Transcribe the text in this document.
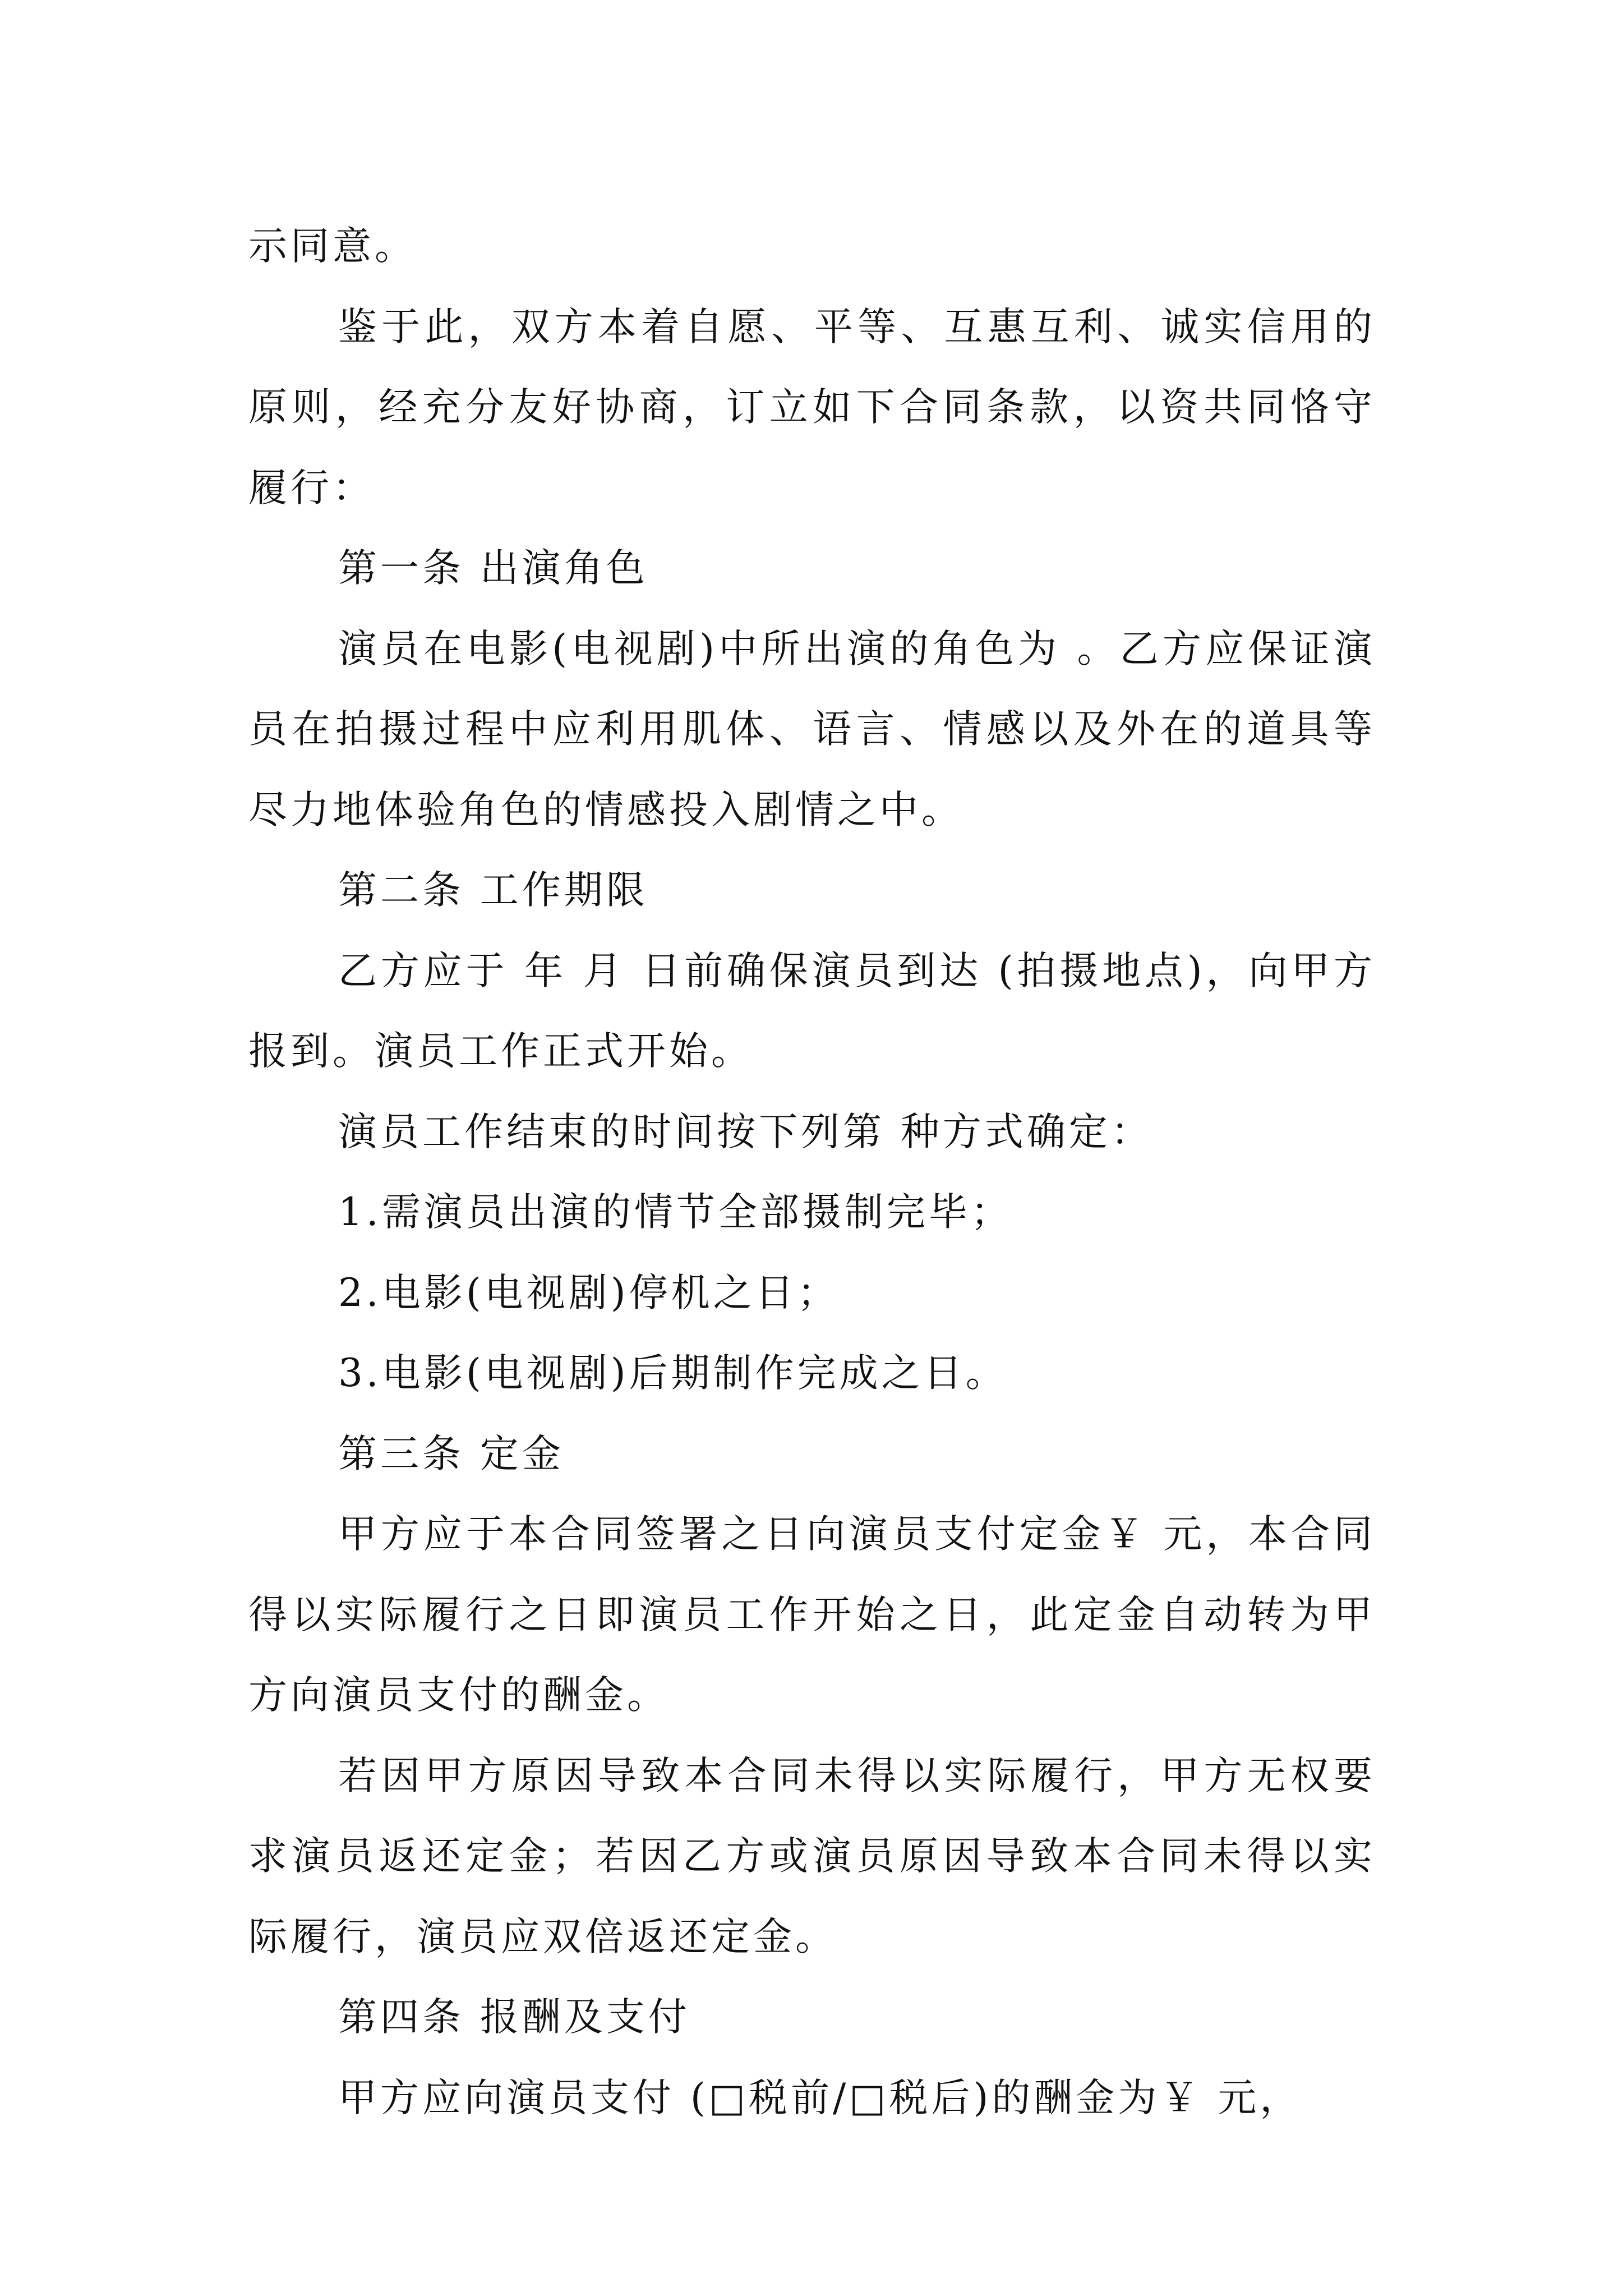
示同意。

鉴于此，双方本着自愿、平等、互惠互利、诚实信用的原则，经充分友好协商，订立如下合同条款，以资共同恪守履行：

第一条 出演角色

演员在电影(电视剧)中所出演的角色为 。乙方应保证演员在拍摄过程中应利用肌体、语言、情感以及外在的道具等尽力地体验角色的情感投入剧情之中。

第二条 工作期限

乙方应于 年 月 日前确保演员到达 (拍摄地点)，向甲方报到。演员工作正式开始。

演员工作结束的时间按下列第 种方式确定：

1.需演员出演的情节全部摄制完毕；

2.电影(电视剧)停机之日；

3.电影(电视剧)后期制作完成之日。

第三条 定金

甲方应于本合同签署之日向演员支付定金￥ 元，本合同得以实际履行之日即演员工作开始之日，此定金自动转为甲方向演员支付的酬金。

若因甲方原因导致本合同未得以实际履行，甲方无权要求演员返还定金；若因乙方或演员原因导致本合同未得以实际履行，演员应双倍返还定金。

第四条 报酬及支付

甲方应向演员支付 (□税前/□税后)的酬金为￥ 元，
